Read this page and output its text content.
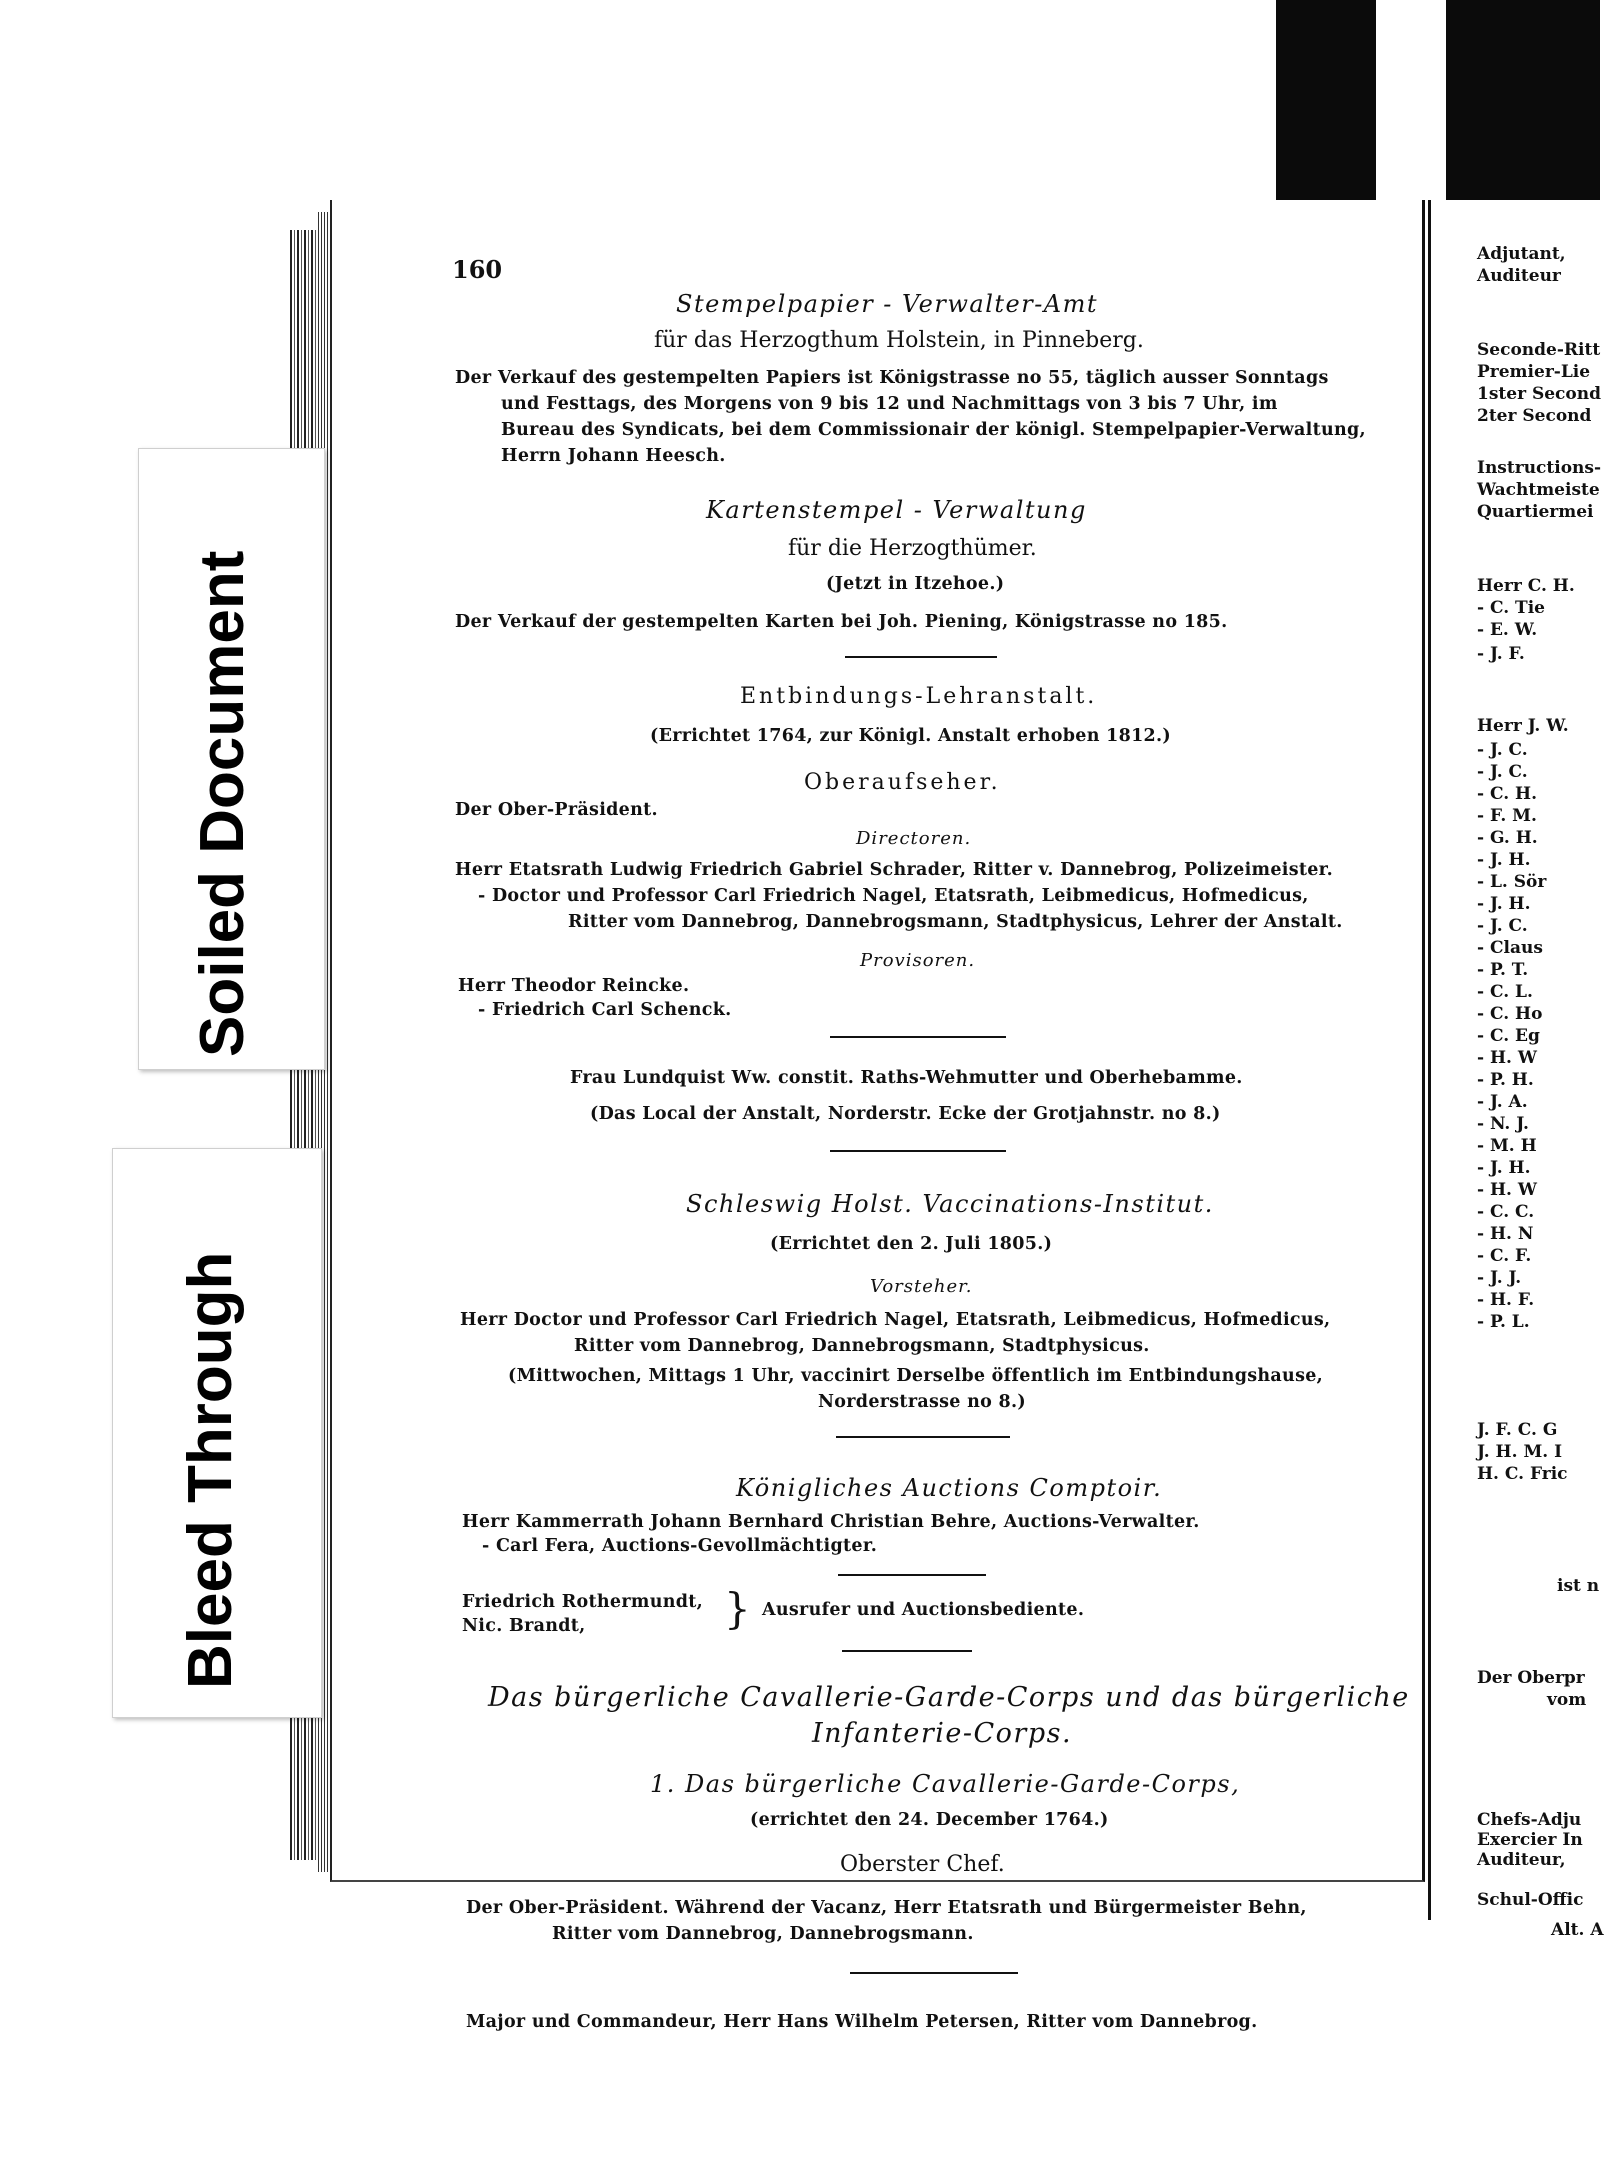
Adjutant,
Auditeur
Seconde-Ritt
Premier-Lie
1ster Second
2ter Second
Instructions-
Wachtmeiste
Quartiermei
Herr C. H.
- C. Tie
- E. W.
- J. F.
Herr J. W.
- J. C.
- J. C.
- C. H.
- F. M.
- G. H.
- J. H.
- L. Sör
- J. H.
- J. C.
- Claus
- P. T.
- C. L.
- C. Ho
- C. Eg
- H. W
- P. H.
- J. A.
- N. J.
- M. H
- J. H.
- H. W
- C. C.
- H. N
- C. F.
- J. J.
- H. F.
- P. L.
J. F. C. G
J. H. M. I
H. C. Fric
ist n
Der Oberpr
vom
Chefs-Adju
Exercier In
Auditeur,
Schul-Offic
Alt. A
Soiled Document
Bleed Through
160
Stempelpapier - Verwalter-Amt
für das Herzogthum Holstein, in Pinneberg.
Der Verkauf des gestempelten Papiers ist Königstrasse no 55, täglich ausser Sonntags
und Festtags, des Morgens von 9 bis 12 und Nachmittags von 3 bis 7 Uhr, im
Bureau des Syndicats, bei dem Commissionair der königl. Stempelpapier-Verwaltung,
Herrn Johann Heesch.
Kartenstempel - Verwaltung
für die Herzogthümer.
(Jetzt in Itzehoe.)
Der Verkauf der gestempelten Karten bei Joh. Piening, Königstrasse no 185.
Entbindungs-Lehranstalt.
(Errichtet 1764, zur Königl. Anstalt erhoben 1812.)
Oberaufseher.
Der Ober-Präsident.
Directoren.
Herr Etatsrath Ludwig Friedrich Gabriel Schrader, Ritter v. Dannebrog, Polizeimeister.
- Doctor und Professor Carl Friedrich Nagel, Etatsrath, Leibmedicus, Hofmedicus,
Ritter vom Dannebrog, Dannebrogsmann, Stadtphysicus, Lehrer der Anstalt.
Provisoren.
Herr Theodor Reincke.
- Friedrich Carl Schenck.
Frau Lundquist Ww. constit. Raths-Wehmutter und Oberhebamme.
(Das Local der Anstalt, Norderstr. Ecke der Grotjahnstr. no 8.)
Schleswig Holst. Vaccinations-Institut.
(Errichtet den 2. Juli 1805.)
Vorsteher.
Herr Doctor und Professor Carl Friedrich Nagel, Etatsrath, Leibmedicus, Hofmedicus,
Ritter vom Dannebrog, Dannebrogsmann, Stadtphysicus.
(Mittwochen, Mittags 1 Uhr, vaccinirt Derselbe öffentlich im Entbindungshause,
Norderstrasse no 8.)
Königliches Auctions Comptoir.
Herr Kammerrath Johann Bernhard Christian Behre, Auctions-Verwalter.
- Carl Fera, Auctions-Gevollmächtigter.
Friedrich Rothermundt,
Nic. Brandt,	} Ausrufer und Auctionsbediente.
Das bürgerliche Cavallerie-Garde-Corps und das bürgerliche
Infanterie-Corps.
1. Das bürgerliche Cavallerie-Garde-Corps,
(errichtet den 24. December 1764.)
Oberster Chef.
Der Ober-Präsident. Während der Vacanz, Herr Etatsrath und Bürgermeister Behn,
Ritter vom Dannebrog, Dannebrogsmann.
Major und Commandeur, Herr Hans Wilhelm Petersen, Ritter vom Dannebrog.
